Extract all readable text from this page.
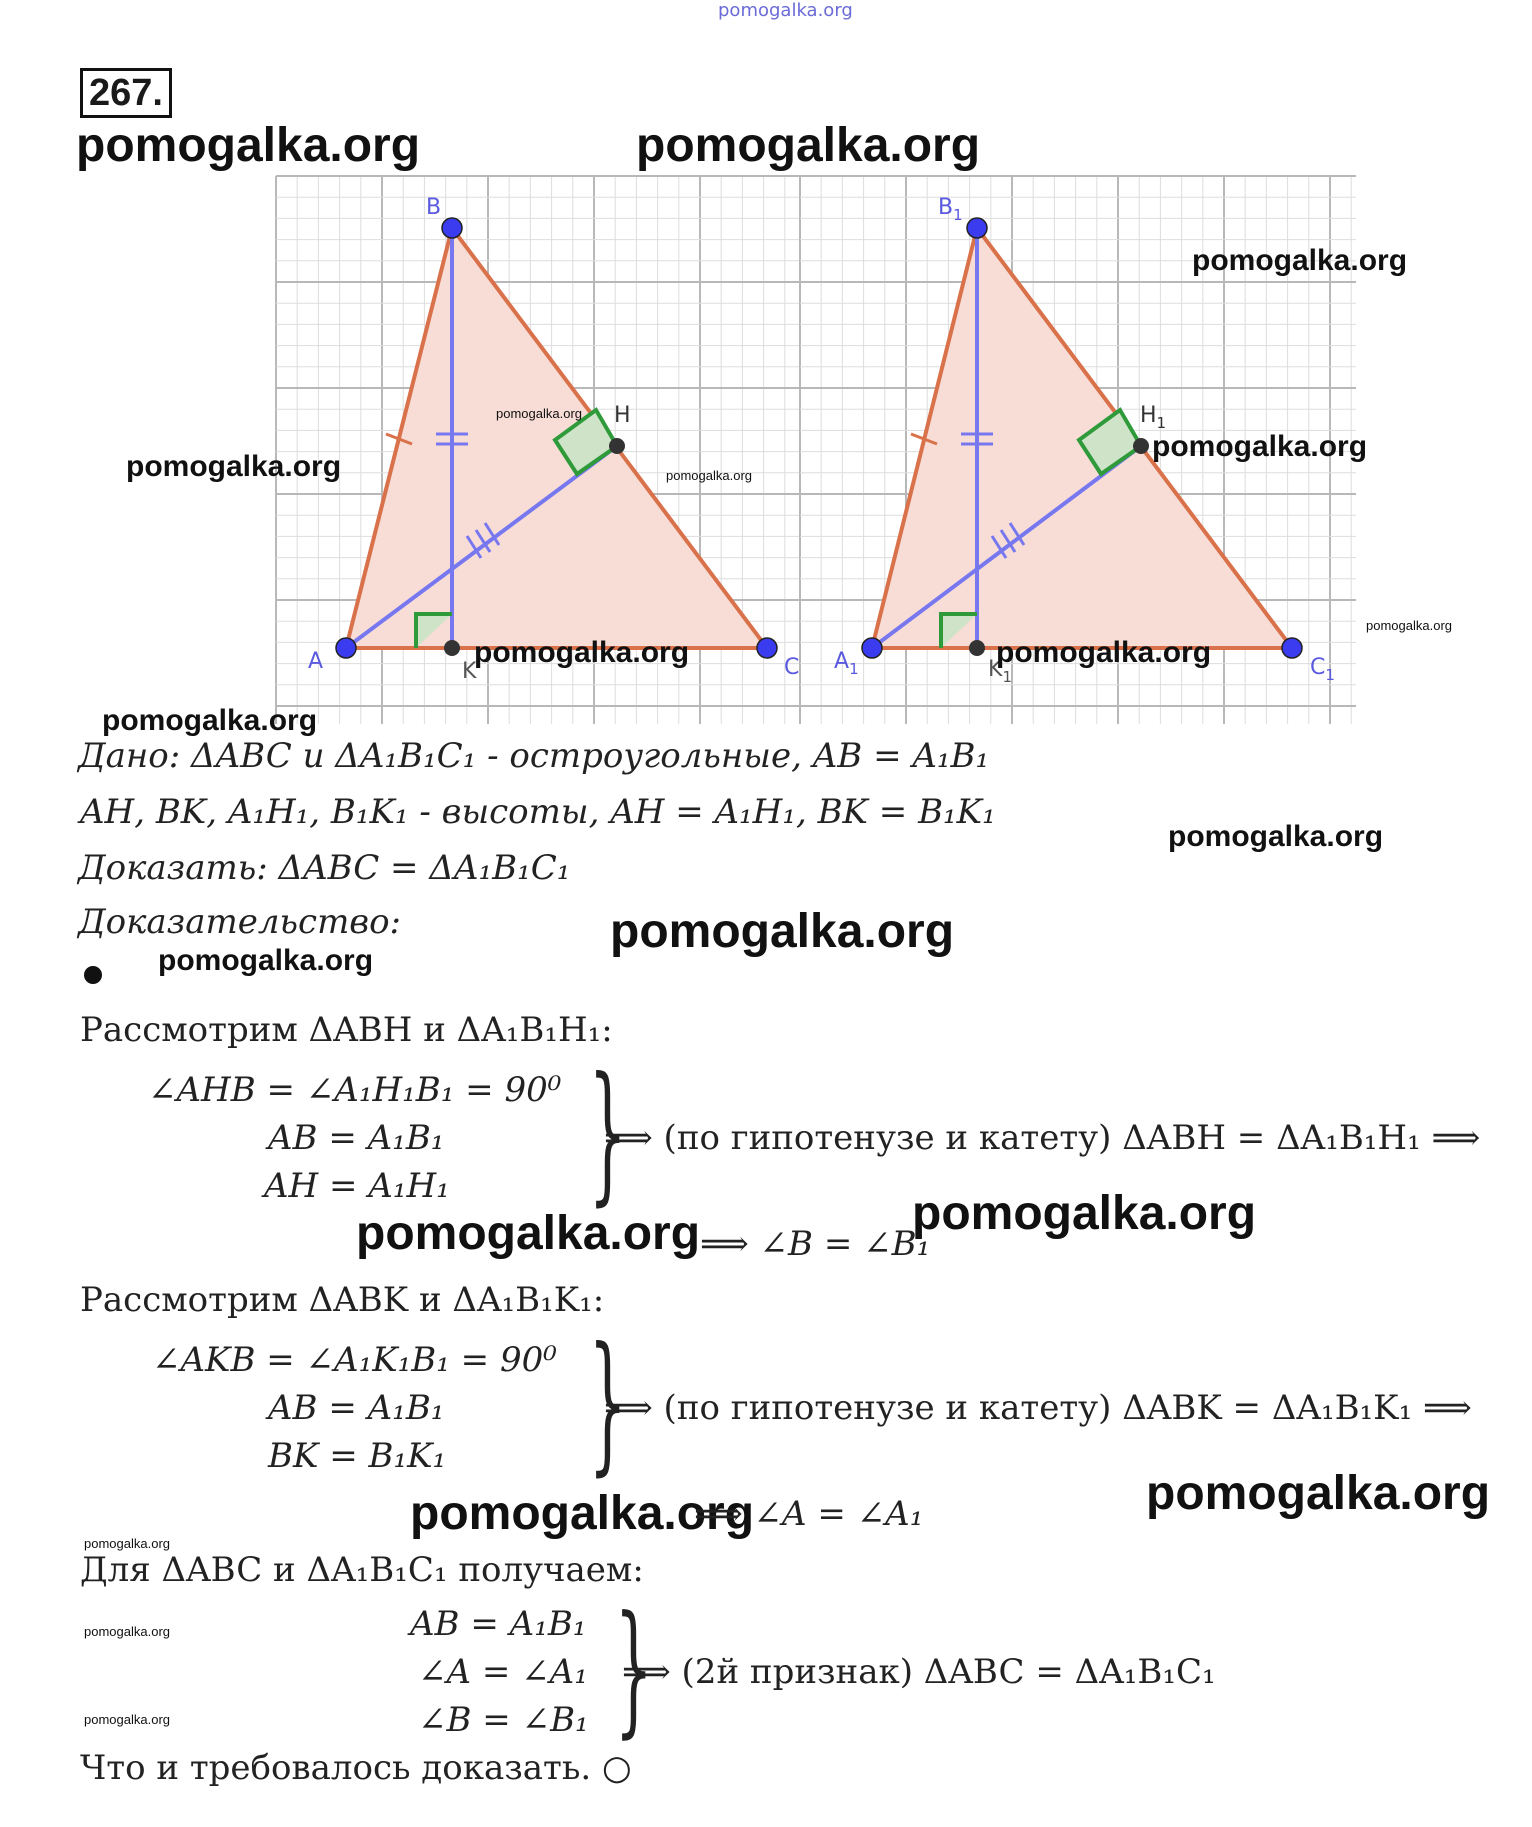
pomogalka.org
267.
pomogalka.org	pomogalka.org
B
H
A	K	C
$B_1$
$H_1$
$A_1$	$K_1$	$C_1$
pomogalka.org
pomogalka.org
pomogalka.org
pomogalka.org	pomogalka.org
pomogalka.org
pomogalka.org	pomogalka.org
pomogalka.org
Дано: ΔABC и ΔA₁B₁C₁ - остроугольные, AB = A₁B₁
AH, BK, A₁H₁, B₁K₁ - высоты, AH = A₁H₁, BK = B₁K₁
pomogalka.org
Доказать: ΔABC = ΔA₁B₁C₁
Доказательство:	pomogalka.org
pomogalka.org
Рассмотрим ΔABH и ΔA₁B₁H₁:
∠AHB = ∠A₁H₁B₁ = 90⁰
AB = A₁B₁
AH = A₁H₁ }
⟹ (по гипотенузе и катету) ΔABH = ΔA₁B₁H₁ ⟹
pomogalka.org ⟹ ∠B = ∠B₁
pomogalka.org
Рассмотрим ΔABK и ΔA₁B₁K₁:
∠AKB = ∠A₁K₁B₁ = 90⁰
AB = A₁B₁
BK = B₁K₁ }
⟹ (по гипотенузе и катету) ΔABK = ΔA₁B₁K₁ ⟹
pomogalka.org
⟹ ∠A = ∠A₁	pomogalka.org
pomogalka.org
Для ΔABC и ΔA₁B₁C₁ получаем:
AB = A₁B₁
pomogalka.org
∠A = ∠A₁
∠B = ∠B₁
pomogalka.org	}
⟹ (2й признак) ΔABC = ΔA₁B₁C₁
Что и требовалось доказать. ○
